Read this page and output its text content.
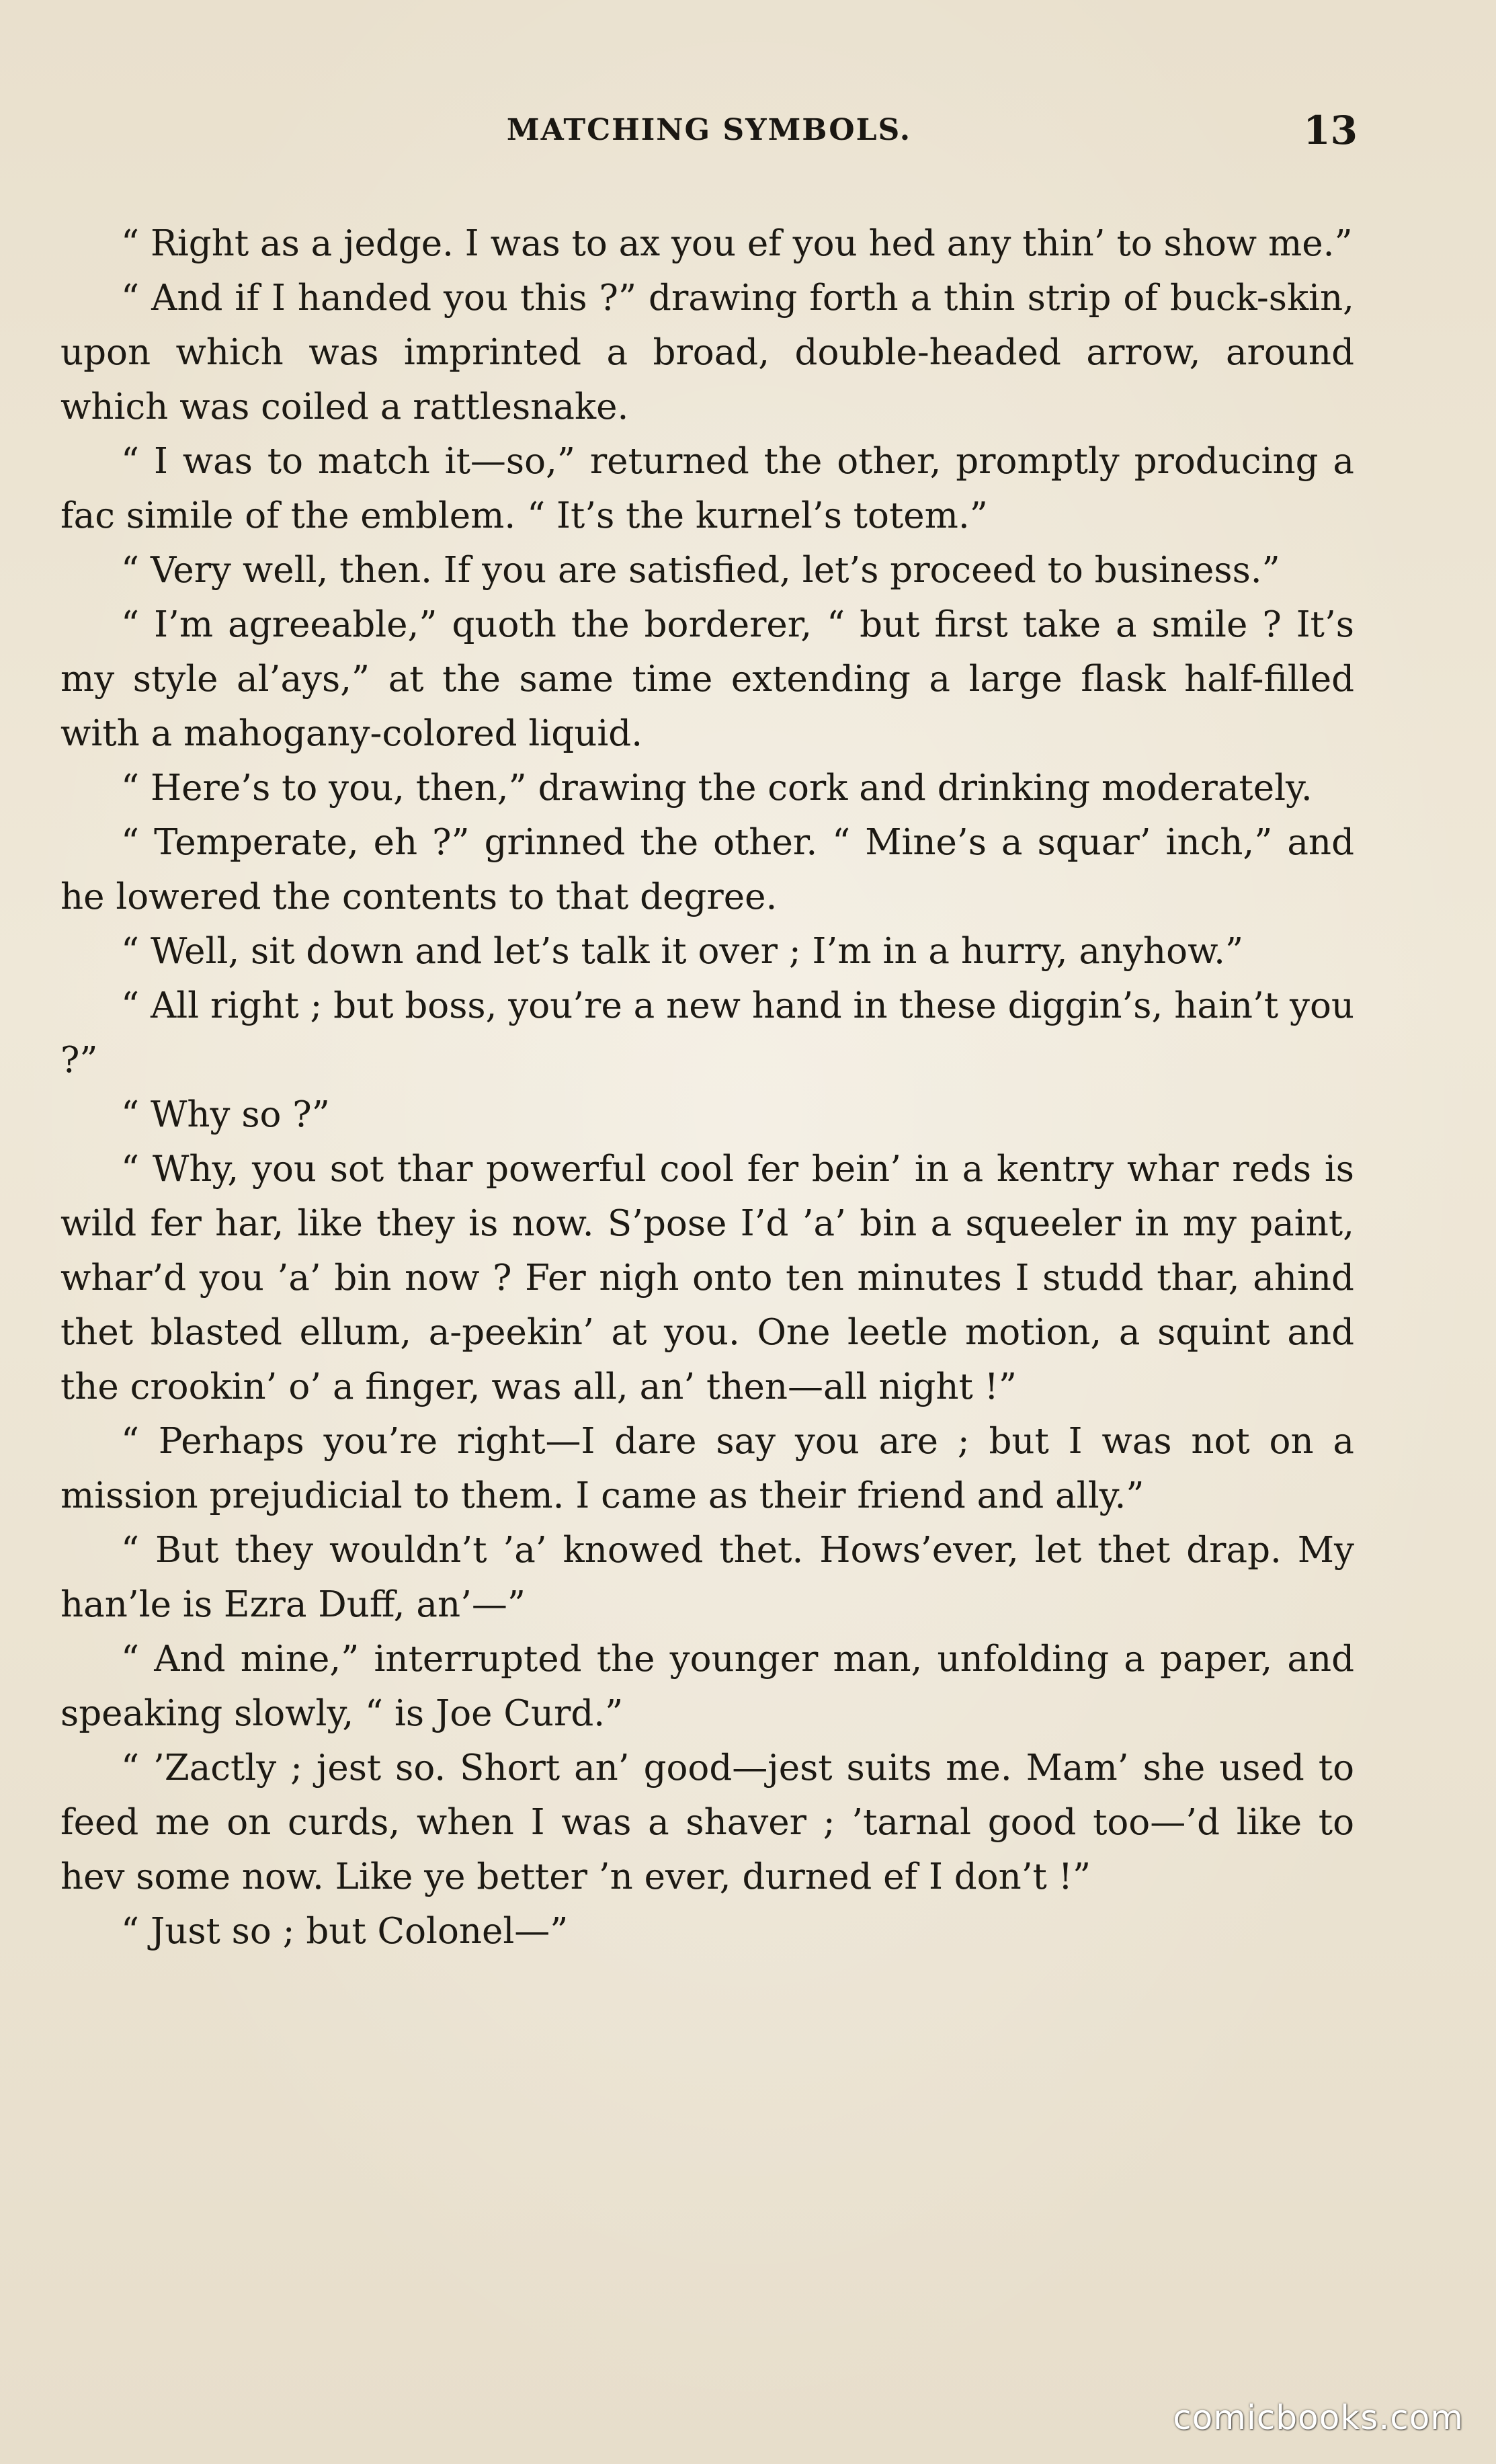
MATCHING SYMBOLS.	13

“ Right as a jedge. I was to ax you ef you hed any thin’ to show me.”

“ And if I handed you this ?” drawing forth a thin strip of buck-skin, upon which was imprinted a broad, double-headed arrow, around which was coiled a rattlesnake.

“ I was to match it—so,” returned the other, promptly producing a fac simile of the emblem. “ It’s the kurnel’s totem.”

“ Very well, then. If you are satisfied, let’s proceed to business.”

“ I’m agreeable,” quoth the borderer, “ but first take a smile ? It’s my style al’ays,” at the same time extending a large flask half-filled with a mahogany-colored liquid.

“ Here’s to you, then,” drawing the cork and drinking moderately.

“ Temperate, eh ?” grinned the other. “ Mine’s a squar’ inch,” and he lowered the contents to that degree.

“ Well, sit down and let’s talk it over ; I’m in a hurry, anyhow.”

“ All right ; but boss, you’re a new hand in these diggin’s, hain’t you ?”

“ Why so ?”

“ Why, you sot thar powerful cool fer bein’ in a kentry whar reds is wild fer har, like they is now. S’pose I’d ’a’ bin a squeeler in my paint, whar’d you ’a’ bin now ? Fer nigh onto ten minutes I studd thar, ahind thet blasted ellum, a-peekin’ at you. One leetle motion, a squint and the crookin’ o’ a finger, was all, an’ then—all night !”

“ Perhaps you’re right—I dare say you are ; but I was not on a mission prejudicial to them. I came as their friend and ally.”

“ But they wouldn’t ’a’ knowed thet. Hows’ever, let thet drap. My han’le is Ezra Duff, an’—”

“ And mine,” interrupted the younger man, unfolding a paper, and speaking slowly, “ is Joe Curd.”

“ ’Zactly ; jest so. Short an’ good—jest suits me. Mam’ she used to feed me on curds, when I was a shaver ; ’tarnal good too—’d like to hev some now. Like ye better ’n ever, durned ef I don’t !”

“ Just so ; but Colonel—”

comicbooks.com
